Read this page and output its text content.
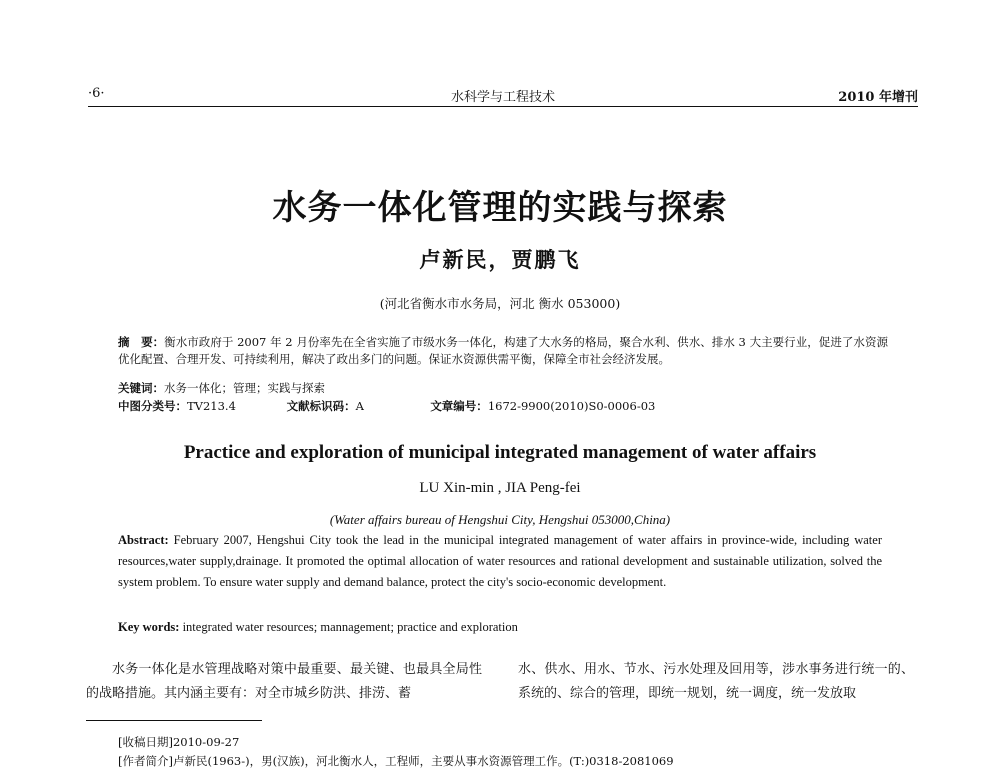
·6·	水科学与工程技术	2010 年增刊
水务一体化管理的实践与探索
卢新民，贾鹏飞
(河北省衡水市水务局，河北 衡水 053000)
摘　要：衡水市政府于 2007 年 2 月份率先在全省实施了市级水务一体化，构建了大水务的格局，聚合水利、供水、排水 3 大主要行业，促进了水资源优化配置、合理开发、可持续利用，解决了政出多门的问题。保证水资源供需平衡，保障全市社会经济发展。
关键词：水务一体化；管理；实践与探索
中图分类号：TV213.4	文献标识码：A	文章编号：1672-9900(2010)S0-0006-03
Practice and exploration of municipal integrated management of water affairs
LU Xin-min , JIA Peng-fei
(Water affairs bureau of Hengshui City, Hengshui 053000,China)
Abstract: February 2007, Hengshui City took the lead in the municipal integrated management of water affairs in province-wide, including water resources,water supply,drainage. It promoted the optimal allocation of water resources and rational development and sustainable utilization, solved the system problem. To ensure water supply and demand balance, protect the city's socio-economic development.
Key words: integrated water resources; mannagement; practice and exploration
水务一体化是水管理战略对策中最重要、最关键、也最具全局性的战略措施。其内涵主要有：对全市城乡防洪、排涝、蓄
水、供水、用水、节水、污水处理及回用等，涉水事务进行统一的、系统的、综合的管理，即统一规划，统一调度，统一发放取
[收稿日期]2010-09-27
[作者简介]卢新民(1963-)，男(汉族)，河北衡水人，工程师，主要从事水资源管理工作。(T:)0318-2081069
